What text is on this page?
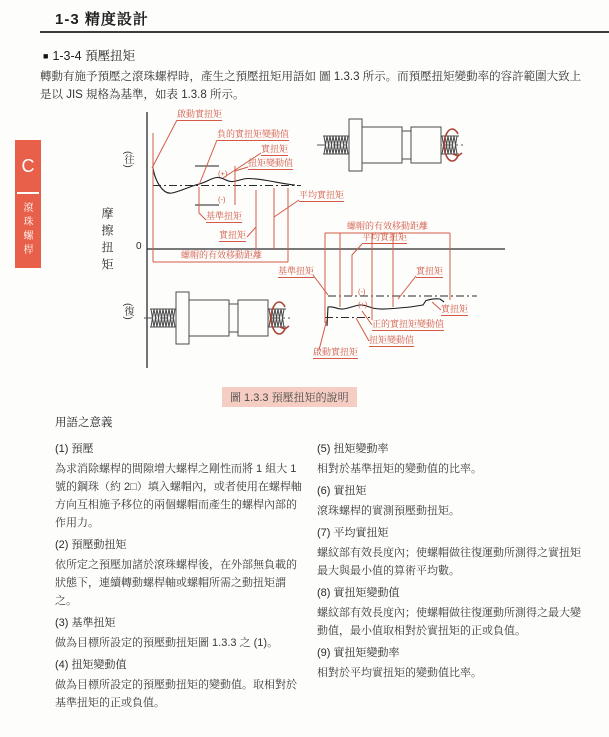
1-3 精度設計
■ 1-3-4 預壓扭矩
轉動有施予預壓之滾珠螺桿時，產生之預壓扭矩用語如 圖 1.3.3 所示。而預壓扭矩變動率的容許範圍大致上是以 JIS 規格為基準，如表 1.3.8 所示。
C
滾珠螺桿
(往)
(復)
摩擦扭矩 0
啟動實扭矩
負的實扭矩變動值
實扭矩
扭矩變動值
(+)
(-)
基準扭矩
實扭矩
平均實扭矩
螺帽的有效移動距離
螺帽的有效移動距離
平均實扭矩
基準扭矩	實扭矩
(-)
(+)	實扭矩
正的實扭矩變動值
扭矩變動值
啟動實扭矩
圖 1.3.3 預壓扭矩的說明
用語之意義

(1) 預壓

為求消除螺桿的間隙增大螺桿之剛性而將 1 組大 1 號的鋼珠（約 2□）填入螺帽內，或者使用在螺桿軸方向互相施予移位的兩個螺帽而產生的螺桿內部的作用力。

(2) 預壓動扭矩

依所定之預壓加諸於滾珠螺桿後，在外部無負載的狀態下，連續轉動螺桿軸或螺帽所需之動扭矩謂之。

(3) 基準扭矩

做為目標所設定的預壓動扭矩圖 1.3.3 之 (1)。

(4) 扭矩變動值

做為目標所設定的預壓動扭矩的變動值。取相對於基準扭矩的正或負值。

(5) 扭矩變動率

相對於基準扭矩的變動值的比率。

(6) 實扭矩

滾珠螺桿的實測預壓動扭矩。

(7) 平均實扭矩

螺紋部有效長度內；使螺帽做往復運動所測得之實扭矩最大與最小值的算術平均數。

(8) 實扭矩變動值

螺紋部有效長度內；使螺帽做往復運動所測得之最大變動值，最小值取相對於實扭矩的正或負值。

(9) 實扭矩變動率

相對於平均實扭矩的變動值比率。
